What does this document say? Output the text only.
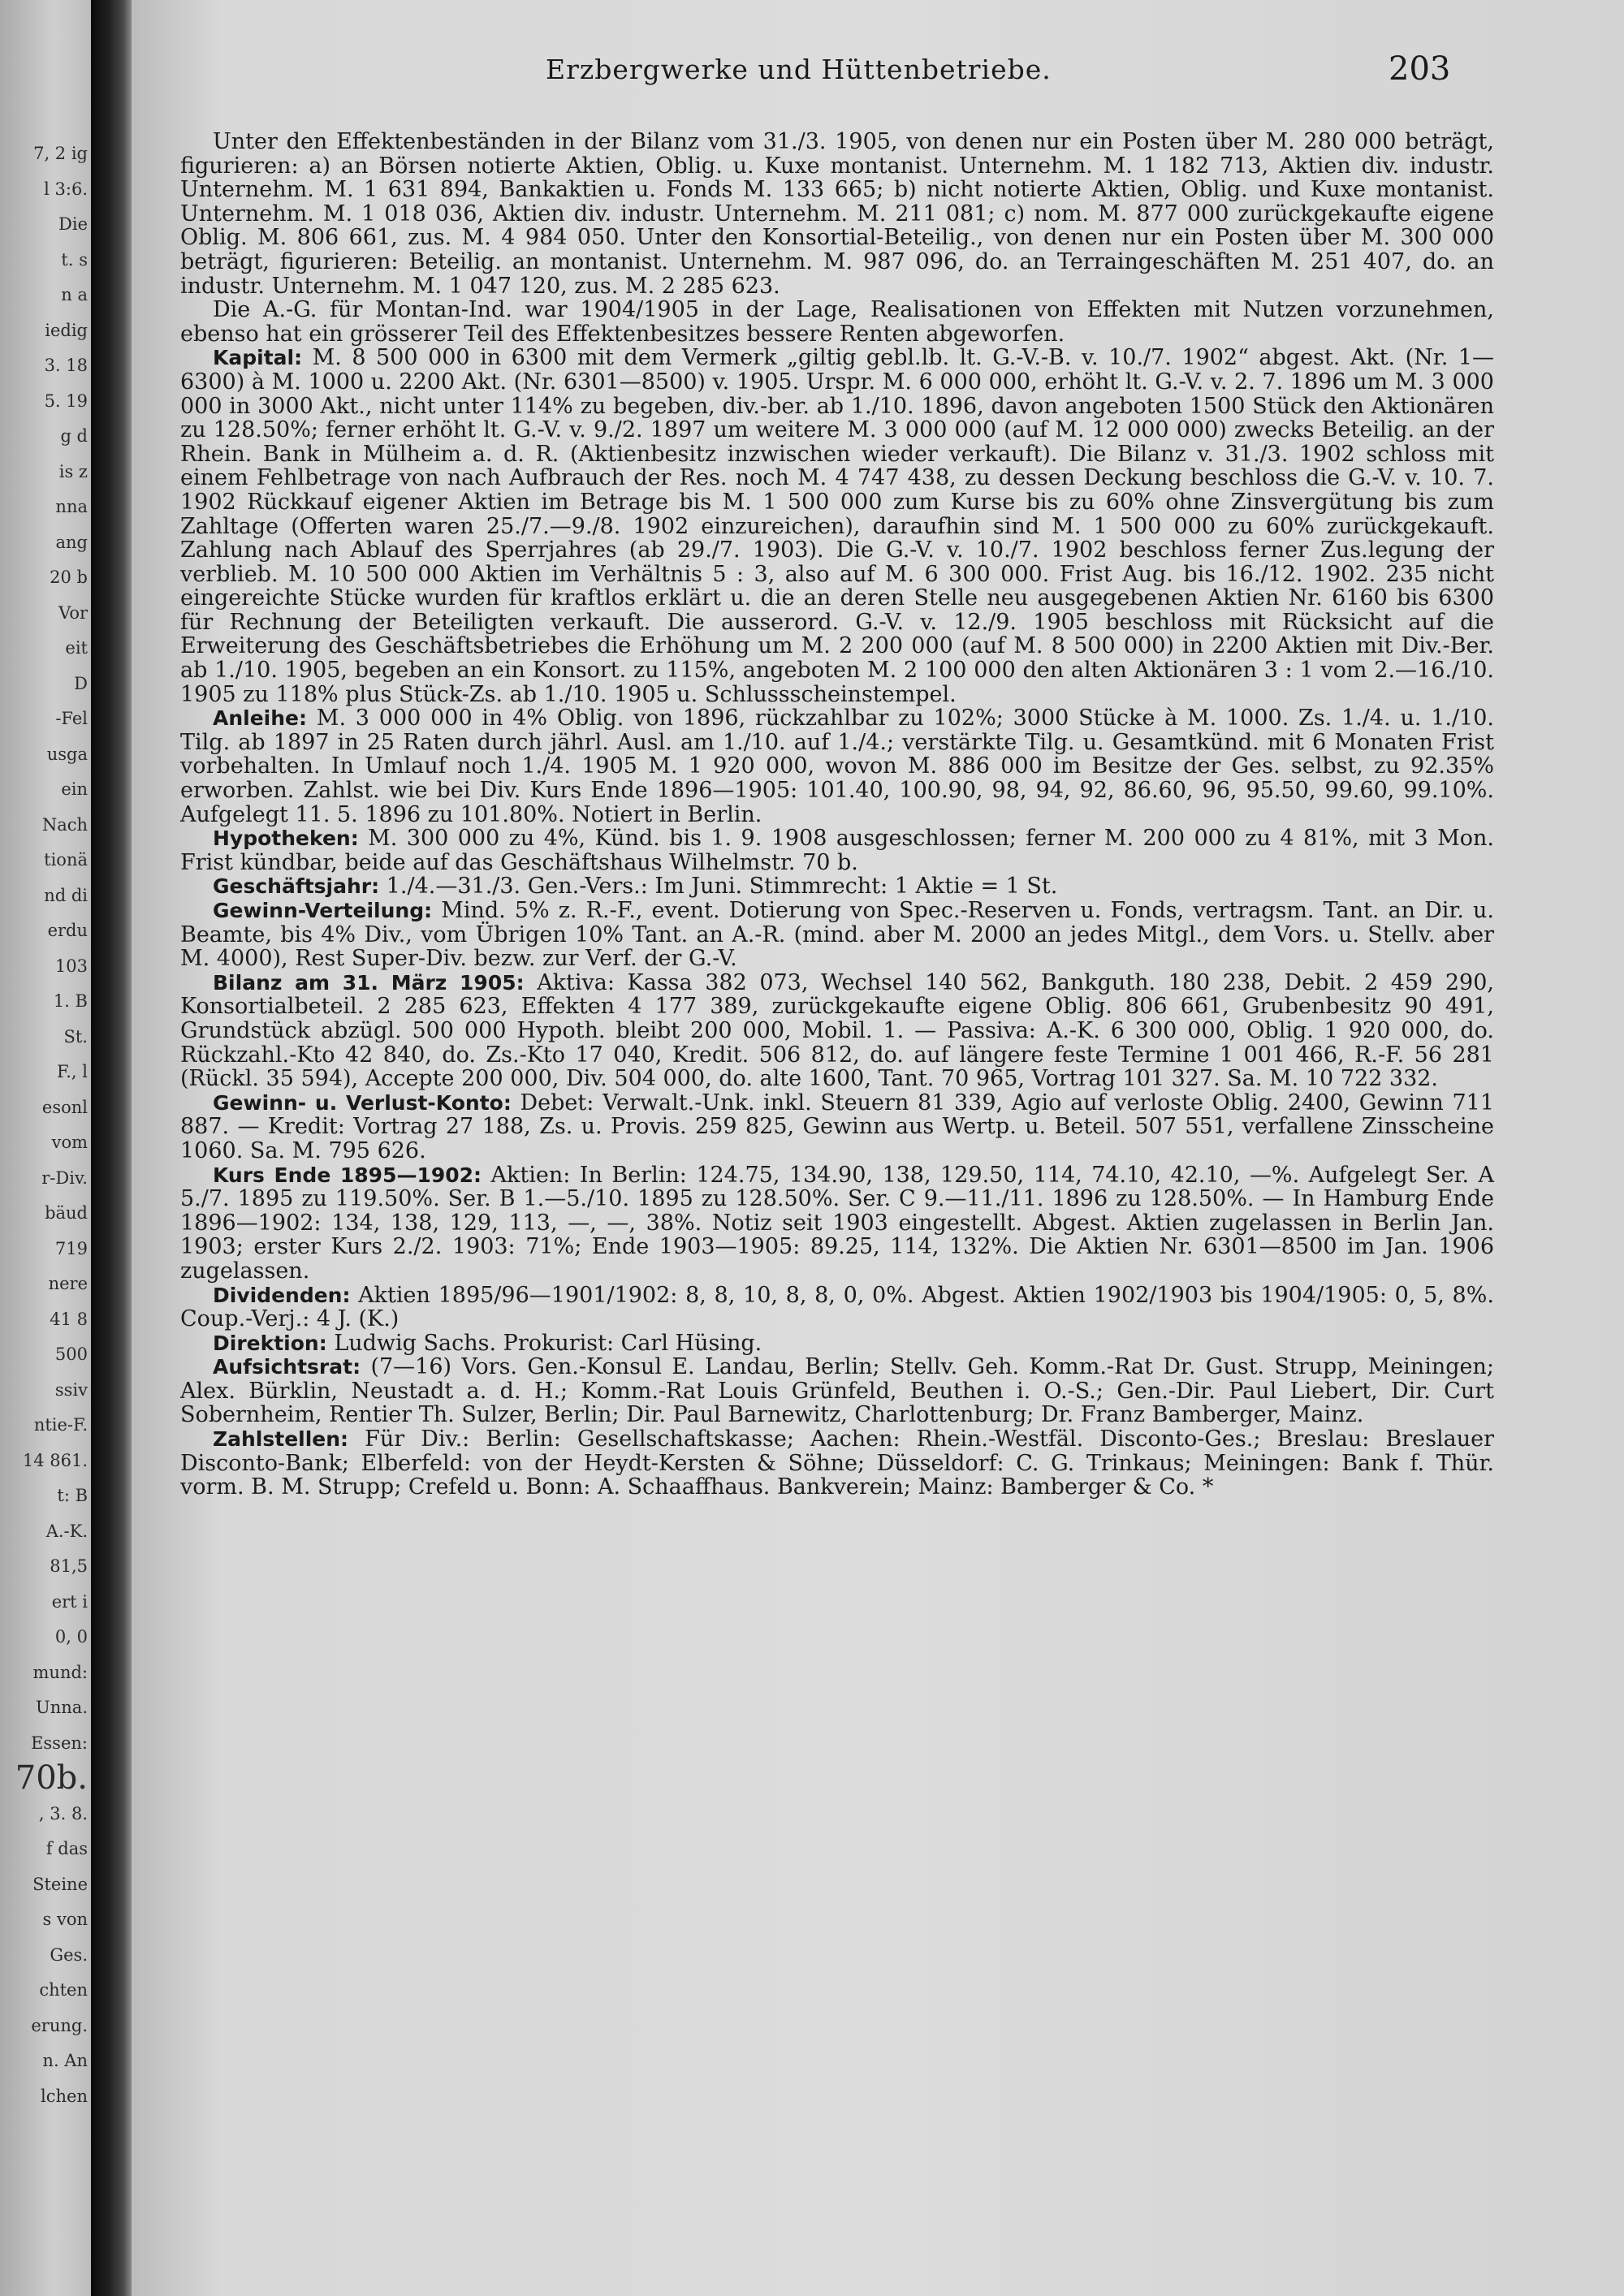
7, 2 ig
l 3:6.
Die
t. s
n a
iedig
3. 18
5. 19
g d
is z
nna
ang
20 b
Vor
eit
D
-Fel
usga
ein
Nach
tionä
nd di
erdu
103
1. B
St.
F., l
esonl
vom
r-Div.
bäud
719
nere
41 8
500
ssiv
ntie-F.
14 861.
t: B
A.-K.
81,5
ert i
0, 0
mund:
Unna.
Essen:
70b.
, 3. 8.
f das
Steine
s von
Ges.
chten
erung.
n. An
lchen
Erzbergwerke und Hüttenbetriebe.	203

Unter den Effektenbeständen in der Bilanz vom 31./3. 1905, von denen nur ein Posten über M. 280 000 beträgt, figurieren: a) an Börsen notierte Aktien, Oblig. u. Kuxe montanist. Unternehm. M. 1 182 713, Aktien div. industr. Unternehm. M. 1 631 894, Bankaktien u. Fonds M. 133 665; b) nicht notierte Aktien, Oblig. und Kuxe montanist. Unternehm. M. 1 018 036, Aktien div. industr. Unternehm. M. 211 081; c) nom. M. 877 000 zurückgekaufte eigene Oblig. M. 806 661, zus. M. 4 984 050. Unter den Konsortial-Beteilig., von denen nur ein Posten über M. 300 000 beträgt, figurieren: Beteilig. an montanist. Unternehm. M. 987 096, do. an Terraingeschäften M. 251 407, do. an industr. Unternehm. M. 1 047 120, zus. M. 2 285 623.

Die A.-G. für Montan-Ind. war 1904/1905 in der Lage, Realisationen von Effekten mit Nutzen vorzunehmen, ebenso hat ein grösserer Teil des Effektenbesitzes bessere Renten abgeworfen.

Kapital: M. 8 500 000 in 6300 mit dem Vermerk „giltig gebl.lb. lt. G.-V.-B. v. 10./7. 1902“ abgest. Akt. (Nr. 1—6300) à M. 1000 u. 2200 Akt. (Nr. 6301—8500) v. 1905. Urspr. M. 6 000 000, erhöht lt. G.-V. v. 2. 7. 1896 um M. 3 000 000 in 3000 Akt., nicht unter 114% zu begeben, div.-ber. ab 1./10. 1896, davon angeboten 1500 Stück den Aktionären zu 128.50%; ferner erhöht lt. G.-V. v. 9./2. 1897 um weitere M. 3 000 000 (auf M. 12 000 000) zwecks Beteilig. an der Rhein. Bank in Mülheim a. d. R. (Aktienbesitz inzwischen wieder verkauft). Die Bilanz v. 31./3. 1902 schloss mit einem Fehlbetrage von nach Aufbrauch der Res. noch M. 4 747 438, zu dessen Deckung beschloss die G.-V. v. 10. 7. 1902 Rückkauf eigener Aktien im Betrage bis M. 1 500 000 zum Kurse bis zu 60% ohne Zinsvergütung bis zum Zahltage (Offerten waren 25./7.—9./8. 1902 einzureichen), daraufhin sind M. 1 500 000 zu 60% zurückgekauft. Zahlung nach Ablauf des Sperrjahres (ab 29./7. 1903). Die G.-V. v. 10./7. 1902 beschloss ferner Zus.legung der verblieb. M. 10 500 000 Aktien im Verhältnis 5 : 3, also auf M. 6 300 000. Frist Aug. bis 16./12. 1902. 235 nicht eingereichte Stücke wurden für kraftlos erklärt u. die an deren Stelle neu ausgegebenen Aktien Nr. 6160 bis 6300 für Rechnung der Beteiligten verkauft. Die ausserord. G.-V. v. 12./9. 1905 beschloss mit Rücksicht auf die Erweiterung des Geschäftsbetriebes die Erhöhung um M. 2 200 000 (auf M. 8 500 000) in 2200 Aktien mit Div.-Ber. ab 1./10. 1905, begeben an ein Konsort. zu 115%, angeboten M. 2 100 000 den alten Aktionären 3 : 1 vom 2.—16./10. 1905 zu 118% plus Stück-Zs. ab 1./10. 1905 u. Schlussscheinstempel.

Anleihe: M. 3 000 000 in 4% Oblig. von 1896, rückzahlbar zu 102%; 3000 Stücke à M. 1000. Zs. 1./4. u. 1./10. Tilg. ab 1897 in 25 Raten durch jährl. Ausl. am 1./10. auf 1./4.; verstärkte Tilg. u. Gesamtkünd. mit 6 Monaten Frist vorbehalten. In Umlauf noch 1./4. 1905 M. 1 920 000, wovon M. 886 000 im Besitze der Ges. selbst, zu 92.35% erworben. Zahlst. wie bei Div. Kurs Ende 1896—1905: 101.40, 100.90, 98, 94, 92, 86.60, 96, 95.50, 99.60, 99.10%. Aufgelegt 11. 5. 1896 zu 101.80%. Notiert in Berlin.

Hypotheken: M. 300 000 zu 4%, Künd. bis 1. 9. 1908 ausgeschlossen; ferner M. 200 000 zu 4 81%, mit 3 Mon. Frist kündbar, beide auf das Geschäftshaus Wilhelmstr. 70 b.

Geschäftsjahr: 1./4.—31./3. Gen.-Vers.: Im Juni. Stimmrecht: 1 Aktie = 1 St.

Gewinn-Verteilung: Mind. 5% z. R.-F., event. Dotierung von Spec.-Reserven u. Fonds, vertragsm. Tant. an Dir. u. Beamte, bis 4% Div., vom Übrigen 10% Tant. an A.-R. (mind. aber M. 2000 an jedes Mitgl., dem Vors. u. Stellv. aber M. 4000), Rest Super-Div. bezw. zur Verf. der G.-V.

Bilanz am 31. März 1905: Aktiva: Kassa 382 073, Wechsel 140 562, Bankguth. 180 238, Debit. 2 459 290, Konsortialbeteil. 2 285 623, Effekten 4 177 389, zurückgekaufte eigene Oblig. 806 661, Grubenbesitz 90 491, Grundstück abzügl. 500 000 Hypoth. bleibt 200 000, Mobil. 1. — Passiva: A.-K. 6 300 000, Oblig. 1 920 000, do. Rückzahl.-Kto 42 840, do. Zs.-Kto 17 040, Kredit. 506 812, do. auf längere feste Termine 1 001 466, R.-F. 56 281 (Rückl. 35 594), Accepte 200 000, Div. 504 000, do. alte 1600, Tant. 70 965, Vortrag 101 327. Sa. M. 10 722 332.

Gewinn- u. Verlust-Konto: Debet: Verwalt.-Unk. inkl. Steuern 81 339, Agio auf verloste Oblig. 2400, Gewinn 711 887. — Kredit: Vortrag 27 188, Zs. u. Provis. 259 825, Gewinn aus Wertp. u. Beteil. 507 551, verfallene Zinsscheine 1060. Sa. M. 795 626.

Kurs Ende 1895—1902: Aktien: In Berlin: 124.75, 134.90, 138, 129.50, 114, 74.10, 42.10, —%. Aufgelegt Ser. A 5./7. 1895 zu 119.50%. Ser. B 1.—5./10. 1895 zu 128.50%. Ser. C 9.—11./11. 1896 zu 128.50%. — In Hamburg Ende 1896—1902: 134, 138, 129, 113, —, —, 38%. Notiz seit 1903 eingestellt. Abgest. Aktien zugelassen in Berlin Jan. 1903; erster Kurs 2./2. 1903: 71%; Ende 1903—1905: 89.25, 114, 132%. Die Aktien Nr. 6301—8500 im Jan. 1906 zugelassen.

Dividenden: Aktien 1895/96—1901/1902: 8, 8, 10, 8, 8, 0, 0%. Abgest. Aktien 1902/1903 bis 1904/1905: 0, 5, 8%. Coup.-Verj.: 4 J. (K.)

Direktion: Ludwig Sachs. Prokurist: Carl Hüsing.

Aufsichtsrat: (7—16) Vors. Gen.-Konsul E. Landau, Berlin; Stellv. Geh. Komm.-Rat Dr. Gust. Strupp, Meiningen; Alex. Bürklin, Neustadt a. d. H.; Komm.-Rat Louis Grünfeld, Beuthen i. O.-S.; Gen.-Dir. Paul Liebert, Dir. Curt Sobernheim, Rentier Th. Sulzer, Berlin; Dir. Paul Barnewitz, Charlottenburg; Dr. Franz Bamberger, Mainz.

Zahlstellen: Für Div.: Berlin: Gesellschaftskasse; Aachen: Rhein.-Westfäl. Disconto-Ges.; Breslau: Breslauer Disconto-Bank; Elberfeld: von der Heydt-Kersten & Söhne; Düsseldorf: C. G. Trinkaus; Meiningen: Bank f. Thür. vorm. B. M. Strupp; Crefeld u. Bonn: A. Schaaffhaus. Bankverein; Mainz: Bamberger & Co. *
